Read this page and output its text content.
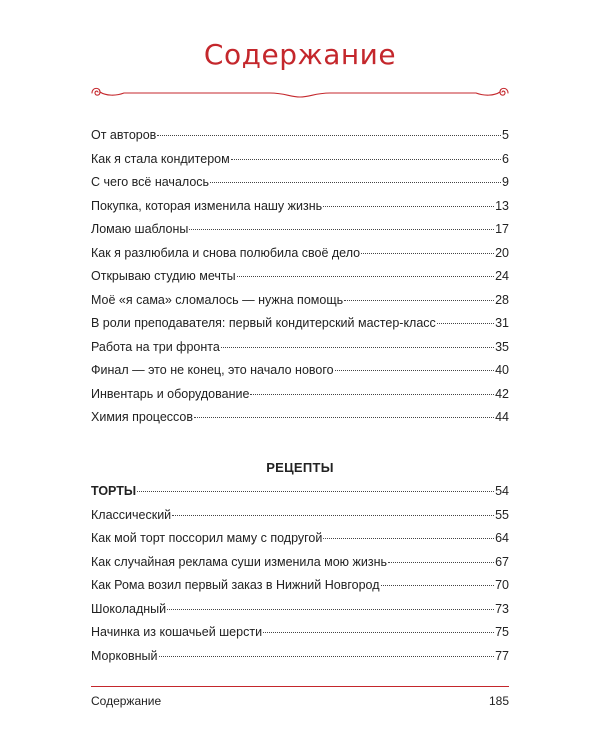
Содержание
От авторов	5
Как я стала кондитером	6
С чего всё началось	9
Покупка, которая изменила нашу жизнь	13
Ломаю шаблоны	17
Как я разлюбила и снова полюбила своё дело	20
Открываю студию мечты	24
Моё «я сама» сломалось — нужна помощь	28
В роли преподавателя: первый кондитерский мастер-класс	31
Работа на три фронта	35
Финал — это не конец, это начало нового	40
Инвентарь и оборудование	42
Химия процессов	44
РЕЦЕПТЫ
ТОРТЫ	54
Классический	55
Как мой торт поссорил маму с подругой	64
Как случайная реклама суши изменила мою жизнь	67
Как Рома возил первый заказ в Нижний Новгород	70
Шоколадный	73
Начинка из кошачьей шерсти	75
Морковный	77
Содержание	185
